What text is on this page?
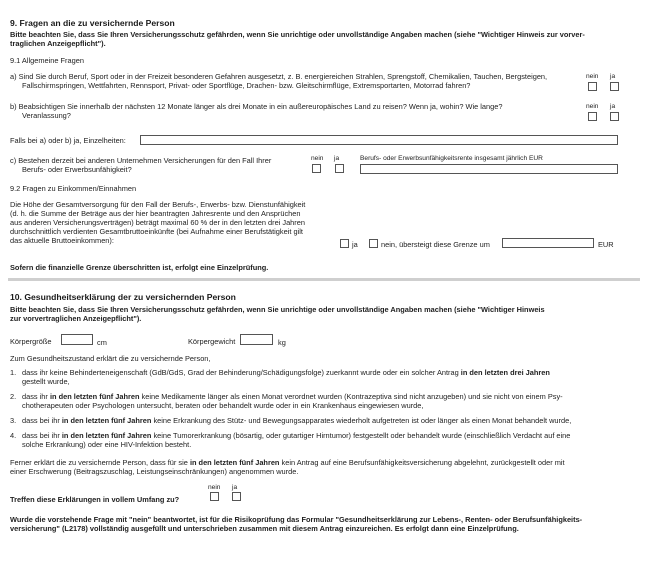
9. Fragen an die zu versichernde Person
Bitte beachten Sie, dass Sie Ihren Versicherungsschutz gefährden, wenn Sie unrichtige oder unvollständige Angaben machen (siehe "Wichtiger Hinweis zur vorver-
traglichen Anzeigepflicht").
9.1 Allgemeine Fragen
a) Sind Sie durch Beruf, Sport oder in der Freizeit besonderen Gefahren ausgesetzt, z. B. energiereichen Strahlen, Sprengstoff, Chemikalien, Tauchen, Bergsteigen,
Fallschirmspringen, Wettfahrten, Rennsport, Privat- oder Sportflüge, Drachen- bzw. Gleitschirmflüge, Extremsportarten, Motorrad fahren?
nein ja
b) Beabsichtigen Sie innerhalb der nächsten 12 Monate länger als drei Monate in ein außereuropäisches Land zu reisen? Wenn ja, wohin? Wie lange?
Veranlassung?
nein ja
Falls bei a) oder b) ja, Einzelheiten:
c) Bestehen derzeit bei anderen Unternehmen Versicherungen für den Fall Ihrer
Berufs- oder Erwerbsunfähigkeit?
nein ja	Berufs- oder Erwerbsunfähigkeitsrente insgesamt jährlich EUR
9.2 Fragen zu Einkommen/Einnahmen
Die Höhe der Gesamtversorgung für den Fall der Berufs-, Erwerbs- bzw. Dienstunfähigkeit
(d. h. die Summe der Beträge aus der hier beantragten Jahresrente und den Ansprüchen
aus anderen Versicherungsverträgen) beträgt maximal 60 % der in den letzten drei Jahren
durchschnittlich verdienten Gesamtbruttoeinkünfte (bei Aufnahme einer Berufstätigkeit gilt
das aktuelle Bruttoeinkommen):	ja	nein, übersteigt diese Grenze um	EUR
Sofern die finanzielle Grenze überschritten ist, erfolgt eine Einzelprüfung.
10. Gesundheitserklärung der zu versichernden Person
Bitte beachten Sie, dass Sie Ihren Versicherungsschutz gefährden, wenn Sie unrichtige oder unvollständige Angaben machen (siehe "Wichtiger Hinweis
zur vorvertraglichen Anzeigepflicht").
Körpergröße	cm	Körpergewicht	kg
Zum Gesundheitszustand erklärt die zu versichernde Person,
1. dass ihr keine Behinderteneigenschaft (GdB/GdS, Grad der Behinderung/Schädigungsfolge) zuerkannt wurde oder ein solcher Antrag in den letzten drei Jahren
gestellt wurde,
2. dass ihr in den letzten fünf Jahren keine Medikamente länger als einen Monat verordnet wurden (Kontrazeptiva sind nicht anzugeben) und sie nicht von einem Psy-
chotherapeuten oder Psychologen untersucht, beraten oder behandelt wurde oder in ein Krankenhaus eingewiesen wurde,
3. dass bei ihr in den letzten fünf Jahren keine Erkrankung des Stütz- und Bewegungsapparates wiederholt aufgetreten ist oder länger als einen Monat behandelt wurde,
4. dass bei ihr in den letzten fünf Jahren keine Tumorerkrankung (bösartig, oder gutartiger Hirntumor) festgestellt oder behandelt wurde (einschließlich Verdacht auf eine
solche Erkrankung) oder eine HIV-Infektion besteht.
Ferner erklärt die zu versichernde Person, dass für sie in den letzten fünf Jahren kein Antrag auf eine Berufsunfähigkeitsversicherung abgelehnt, zurückgestellt oder mit
einer Erschwerung (Beitragszuschlag, Leistungseinschränkungen) angenommen wurde.
nein ja
Treffen diese Erklärungen in vollem Umfang zu?
Wurde die vorstehende Frage mit "nein" beantwortet, ist für die Risikoprüfung das Formular "Gesundheitserklärung zur Lebens-, Renten- oder Berufsunfähigkeits-
versicherung" (L2178) vollständig ausgefüllt und unterschrieben zusammen mit diesem Antrag einzureichen. Es erfolgt dann eine Einzelprüfung.
